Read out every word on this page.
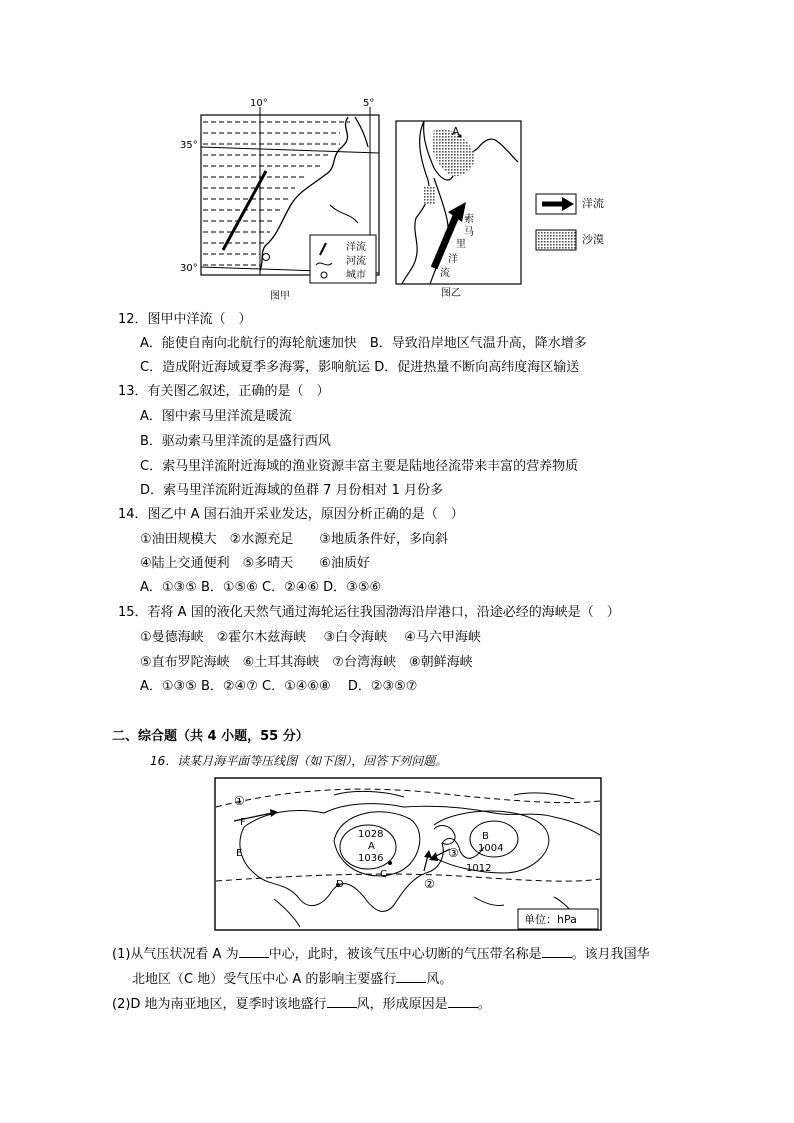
10°	5°
35°
30°
洋流
河流
城市
图甲
A
索
马
里
洋
流
洋流
沙漠
图乙
12．图甲中洋流（　）
A．能使自南向北航行的海轮航速加快　B．导致沿岸地区气温升高，降水增多
C．造成附近海域夏季多海雾，影响航运 D．促进热量不断向高纬度海区输送
13．有关图乙叙述，正确的是（　）
A．图中索马里洋流是暖流
B．驱动索马里洋流的是盛行西风
C．索马里洋流附近海域的渔业资源丰富主要是陆地径流带来丰富的营养物质
D．索马里洋流附近海域的鱼群 7 月份相对 1 月份多
14．图乙中 A 国石油开采业发达，原因分析正确的是（　）
①油田规模大　②水源充足　　③地质条件好，多向斜
④陆上交通便利　⑤多晴天　　⑥油质好
A．①③⑤ B．①⑤⑥ C．②④⑥ D．③⑤⑥
15．若将 A 国的液化天然气通过海轮运往我国渤海沿岸港口，沿途必经的海峡是（　）
①曼德海峡　②霍尔木兹海峡　 ③白令海峡　 ④马六甲海峡
⑤直布罗陀海峡　⑥土耳其海峡　⑦台湾海峡　⑧朝鲜海峡
A．①③⑤ B．②④⑦ C．①④⑥⑧　 D．②③⑤⑦
二、综合题（共 4 小题，55 分）
16．读某月海平面等压线图（如下图），回答下列问题。
①
F
E
1028
A
1036
C
D
B
1004
1012
③
②
单位：hPa
(1)从气压状况看 A 为 中心，此时，被该气压中心切断的气压带名称是 。该月我国华
北地区（C 地）受气压中心 A 的影响主要盛行 风。
(2)D 地为南亚地区，夏季时该地盛行 风，形成原因是 。
